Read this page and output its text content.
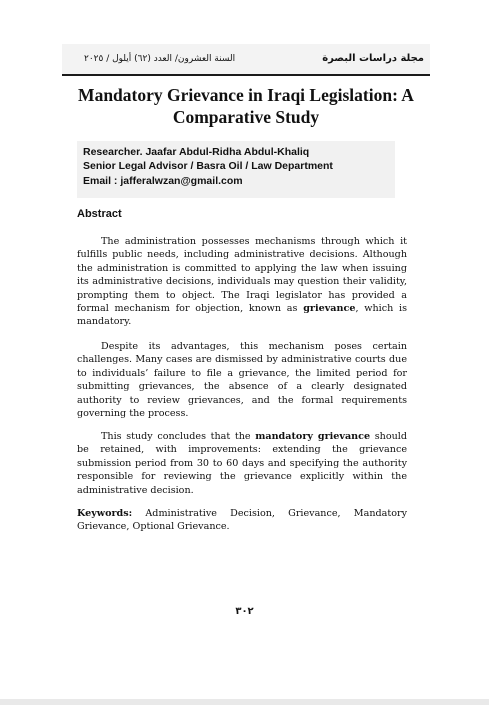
السنة العشرون/ العدد (٦٢) أيلول / ٢٠٢٥	مجلة دراسات البصرة
Mandatory Grievance in Iraqi Legislation: A Comparative Study
Researcher. Jaafar Abdul-Ridha Abdul-Khaliq
Senior Legal Advisor / Basra Oil / Law Department
Email : jafferalwzan@gmail.com
Abstract

The administration possesses mechanisms through which it fulfills public needs, including administrative decisions. Although the administration is committed to applying the law when issuing its administrative decisions, individuals may question their validity, prompting them to object. The Iraqi legislator has provided a formal mechanism for objection, known as grievance, which is mandatory.

Despite its advantages, this mechanism poses certain challenges. Many cases are dismissed by administrative courts due to individuals’ failure to file a grievance, the limited period for submitting grievances, the absence of a clearly designated authority to review grievances, and the formal requirements governing the process.

This study concludes that the mandatory grievance should be retained, with improvements: extending the grievance submission period from 30 to 60 days and specifying the authority responsible for reviewing the grievance explicitly within the administrative decision.

Keywords: Administrative Decision, Grievance, Mandatory Grievance, Optional Grievance.

٣٠٢
